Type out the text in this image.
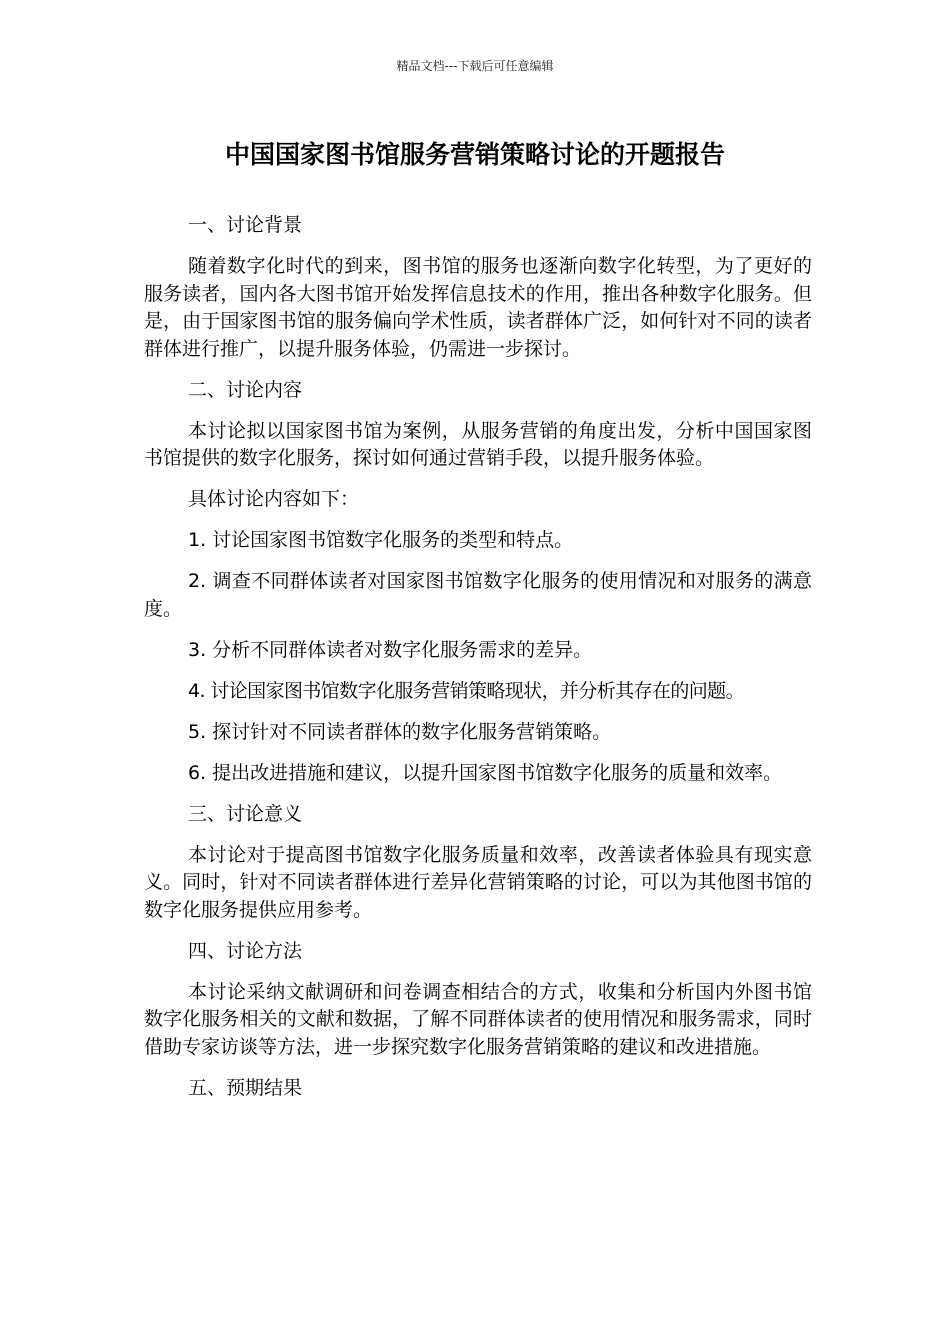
精品文档---下载后可任意编辑
中国国家图书馆服务营销策略讨论的开题报告

一、讨论背景

随着数字化时代的到来，图书馆的服务也逐渐向数字化转型，为了更好的服务读者，国内各大图书馆开始发挥信息技术的作用，推出各种数字化服务。但是，由于国家图书馆的服务偏向学术性质，读者群体广泛，如何针对不同的读者群体进行推广，以提升服务体验，仍需进一步探讨。

二、讨论内容

本讨论拟以国家图书馆为案例，从服务营销的角度出发，分析中国国家图书馆提供的数字化服务，探讨如何通过营销手段，以提升服务体验。

具体讨论内容如下：

1. 讨论国家图书馆数字化服务的类型和特点。

2. 调查不同群体读者对国家图书馆数字化服务的使用情况和对服务的满意度。

3. 分析不同群体读者对数字化服务需求的差异。

4. 讨论国家图书馆数字化服务营销策略现状，并分析其存在的问题。

5. 探讨针对不同读者群体的数字化服务营销策略。

6. 提出改进措施和建议，以提升国家图书馆数字化服务的质量和效率。

三、讨论意义

本讨论对于提高图书馆数字化服务质量和效率，改善读者体验具有现实意义。同时，针对不同读者群体进行差异化营销策略的讨论，可以为其他图书馆的数字化服务提供应用参考。

四、讨论方法

本讨论采纳文献调研和问卷调查相结合的方式，收集和分析国内外图书馆数字化服务相关的文献和数据，了解不同群体读者的使用情况和服务需求，同时借助专家访谈等方法，进一步探究数字化服务营销策略的建议和改进措施。

五、预期结果
